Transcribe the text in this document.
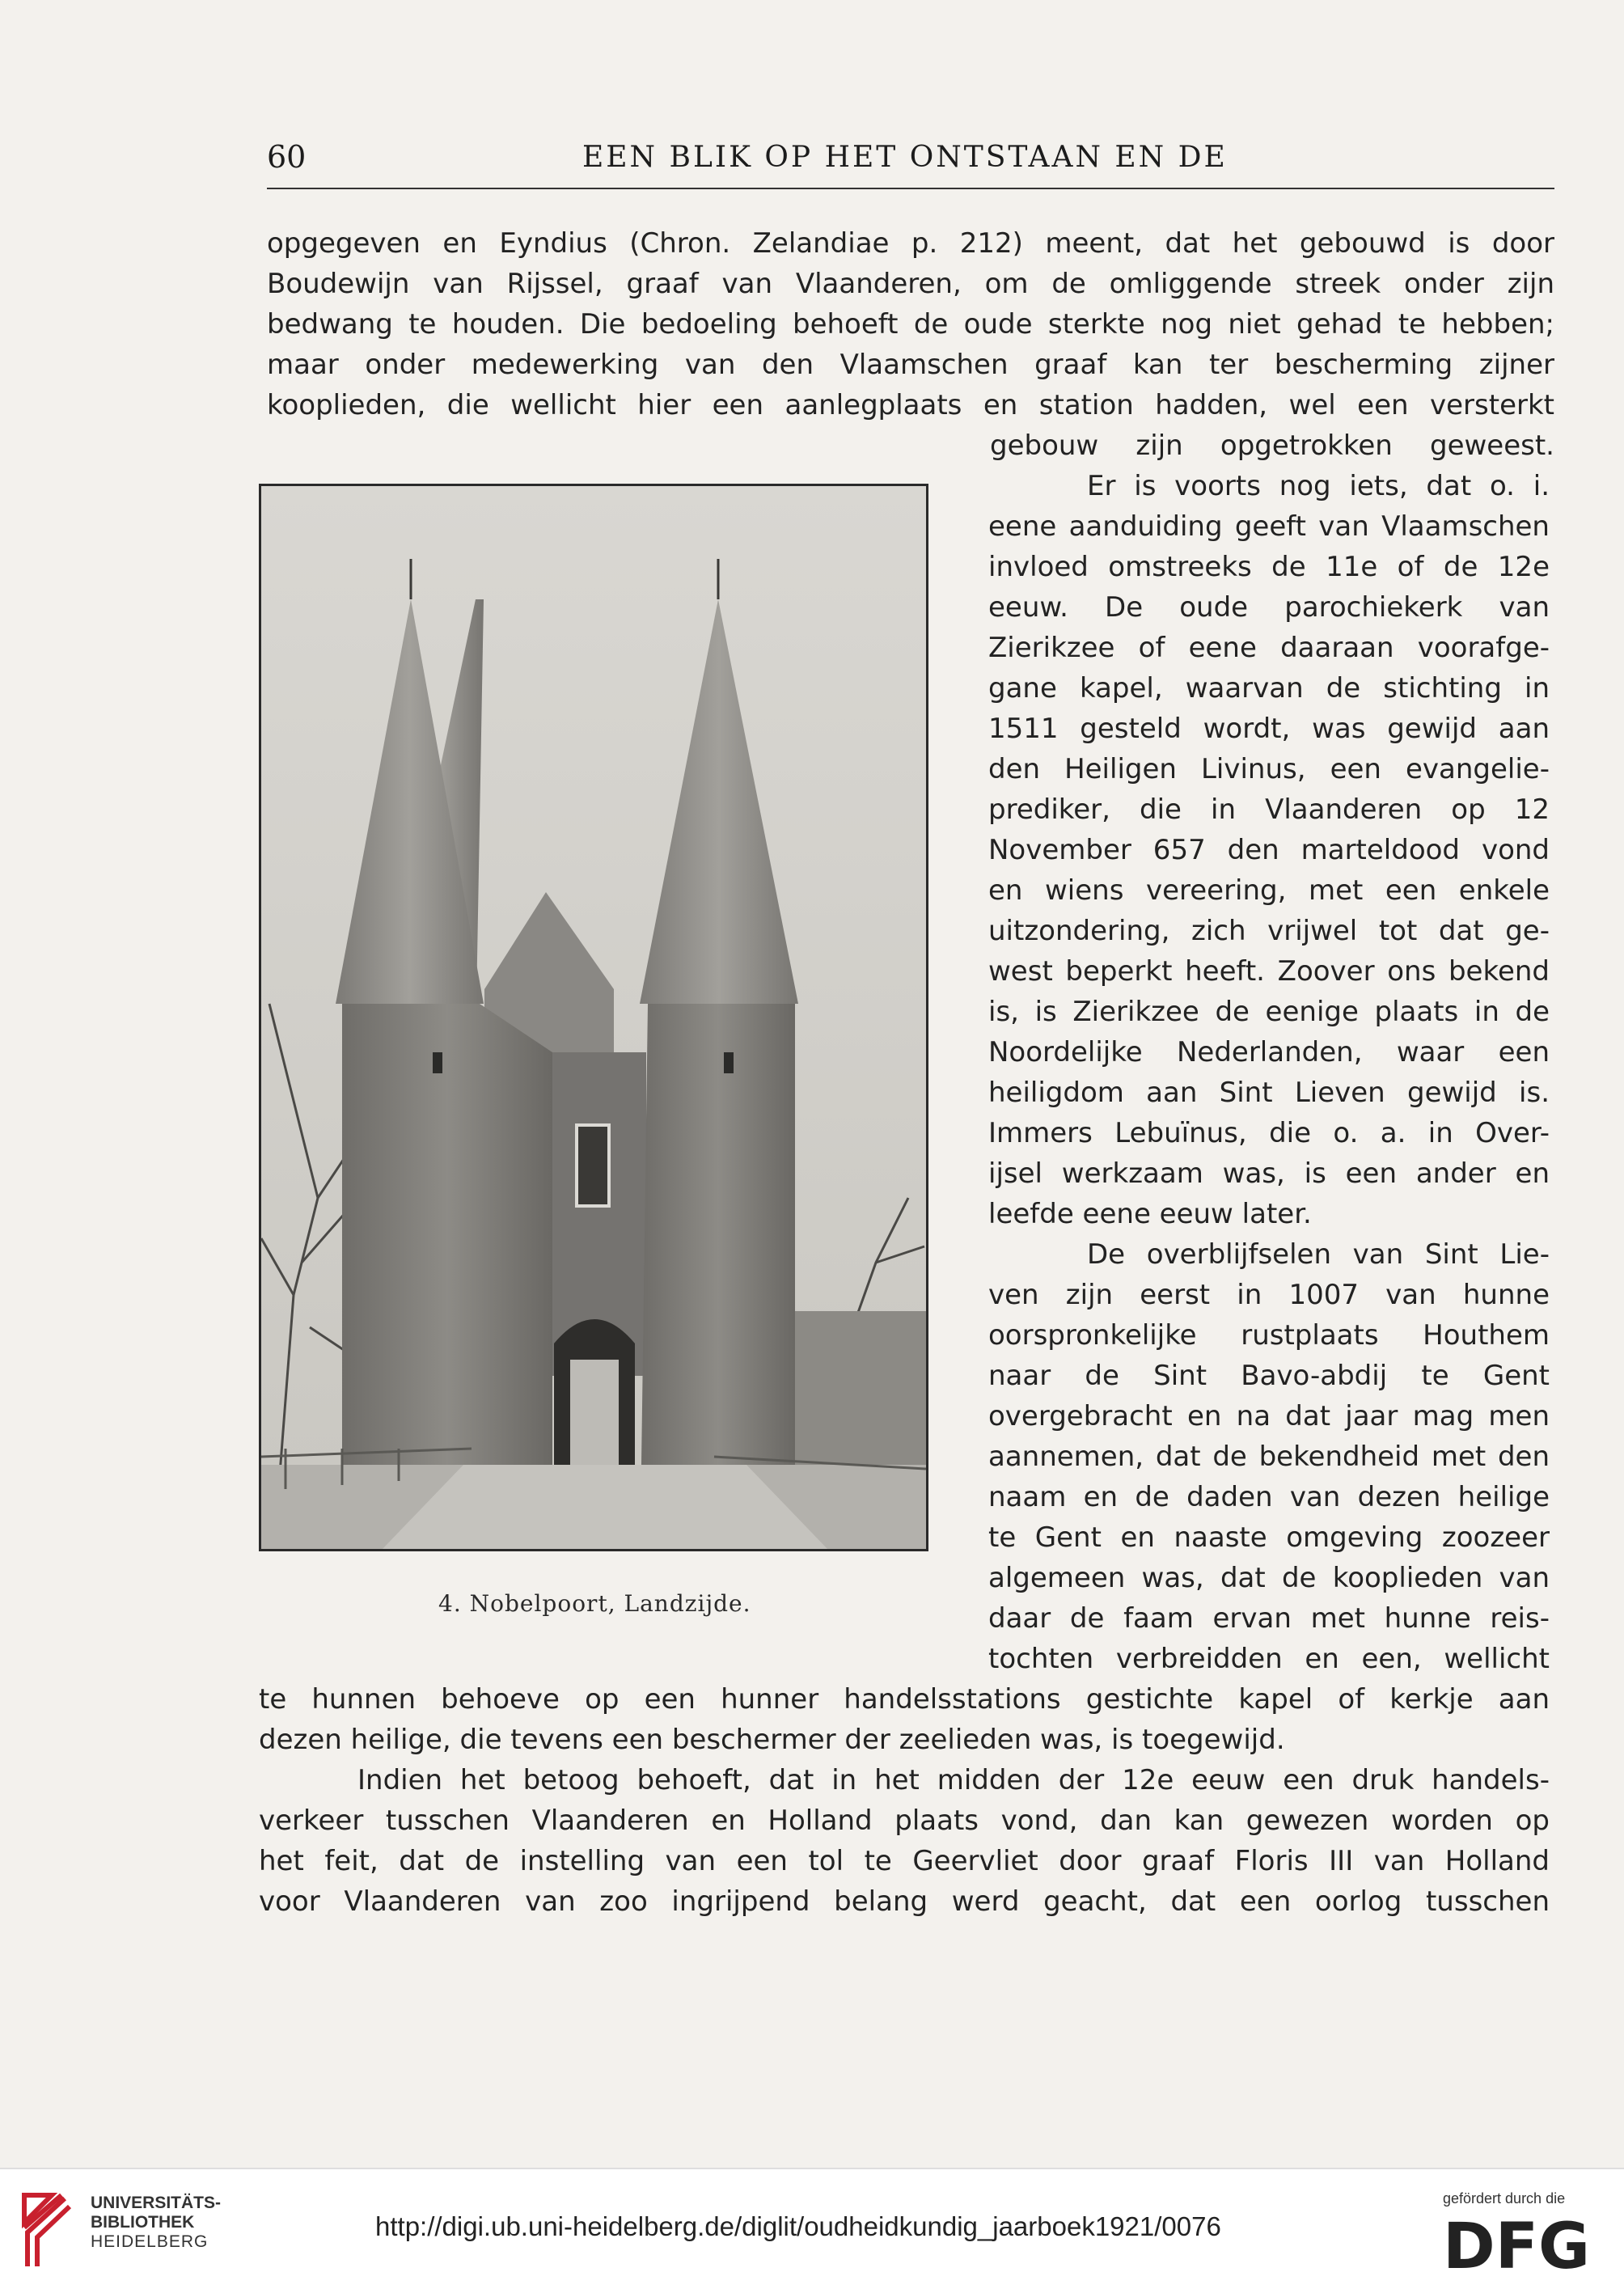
60	EEN BLIK OP HET ONTSTAAN EN DE
opgegeven en Eyndius (Chron. Zelandiae p. 212) meent, dat het gebouwd is door
Boudewijn van Rijssel, graaf van Vlaanderen, om de omliggende streek onder zijn
bedwang te houden. Die bedoeling behoeft de oude sterkte nog niet gehad te hebben;
maar onder medewerking van den Vlaamschen graaf kan ter bescherming zijner
kooplieden, die wellicht hier een aanlegplaats en station hadden, wel een versterkt
gebouw zijn opgetrokken geweest.
Er is voorts nog iets, dat o. i.
eene aanduiding geeft van Vlaamschen
invloed omstreeks de 11e of de 12e
eeuw. De oude parochiekerk van
Zierikzee of eene daaraan voorafge-
gane kapel, waarvan de stichting in
1511 gesteld wordt, was gewijd aan
den Heiligen Livinus, een evangelie-
prediker, die in Vlaanderen op 12
November 657 den marteldood vond
en wiens vereering, met een enkele
uitzondering, zich vrijwel tot dat ge-
west beperkt heeft. Zoover ons bekend
is, is Zierikzee de eenige plaats in de
Noordelijke Nederlanden, waar een
heiligdom aan Sint Lieven gewijd is.
Immers Lebuïnus, die o. a. in Over-
ijsel werkzaam was, is een ander en
leefde eene eeuw later.
De overblijfselen van Sint Lie-
ven zijn eerst in 1007 van hunne
oorspronkelijke rustplaats Houthem
naar de Sint Bavo-abdij te Gent
overgebracht en na dat jaar mag men
aannemen, dat de bekendheid met den
naam en de daden van dezen heilige
te Gent en naaste omgeving zoozeer
algemeen was, dat de kooplieden van
daar de faam ervan met hunne reis-
tochten verbreidden en een, wellicht
4. Nobelpoort, Landzijde.
te hunnen behoeve op een hunner handelsstations gestichte kapel of kerkje aan
dezen heilige, die tevens een beschermer der zeelieden was, is toegewijd.
Indien het betoog behoeft, dat in het midden der 12e eeuw een druk handels-
verkeer tusschen Vlaanderen en Holland plaats vond, dan kan gewezen worden op
het feit, dat de instelling van een tol te Geervliet door graaf Floris III van Holland
voor Vlaanderen van zoo ingrijpend belang werd geacht, dat een oorlog tusschen
UNIVERSITÄTS-
BIBLIOTHEK
HEIDELBERG
http://digi.ub.uni-heidelberg.de/diglit/oudheidkundig_jaarboek1921/0076
gefördert durch die
DFG
